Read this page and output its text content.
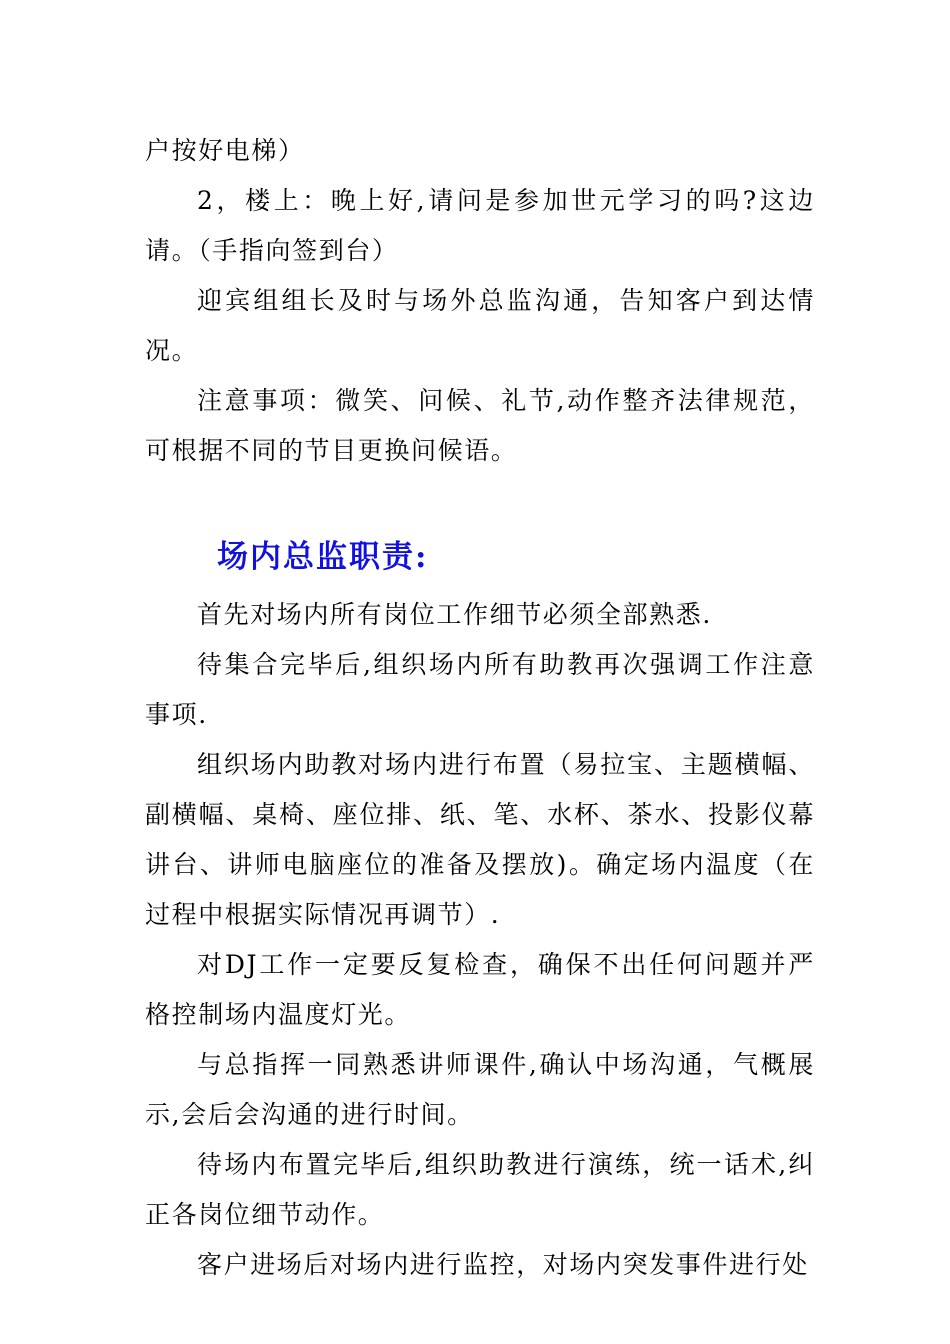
户按好电梯）

2，楼上：晚上好,请问是参加世元学习的吗?这边请。（手指向签到台）

迎宾组组长及时与场外总监沟通，告知客户到达情况。

注意事项：微笑、问候、礼节,动作整齐法律规范，可根据不同的节目更换问候语。

场内总监职责:

首先对场内所有岗位工作细节必须全部熟悉.

待集合完毕后,组织场内所有助教再次强调工作注意事项.

组织场内助教对场内进行布置（易拉宝、主题横幅、副横幅、桌椅、座位排、纸、笔、水杯、茶水、投影仪幕讲台、讲师电脑座位的准备及摆放)。确定场内温度（在过程中根据实际情况再调节）.

对DJ工作一定要反复检查，确保不出任何问题并严格控制场内温度灯光。

与总指挥一同熟悉讲师课件,确认中场沟通，气概展示,会后会沟通的进行时间。

待场内布置完毕后,组织助教进行演练，统一话术,纠正各岗位细节动作。

客户进场后对场内进行监控，对场内突发事件进行处
